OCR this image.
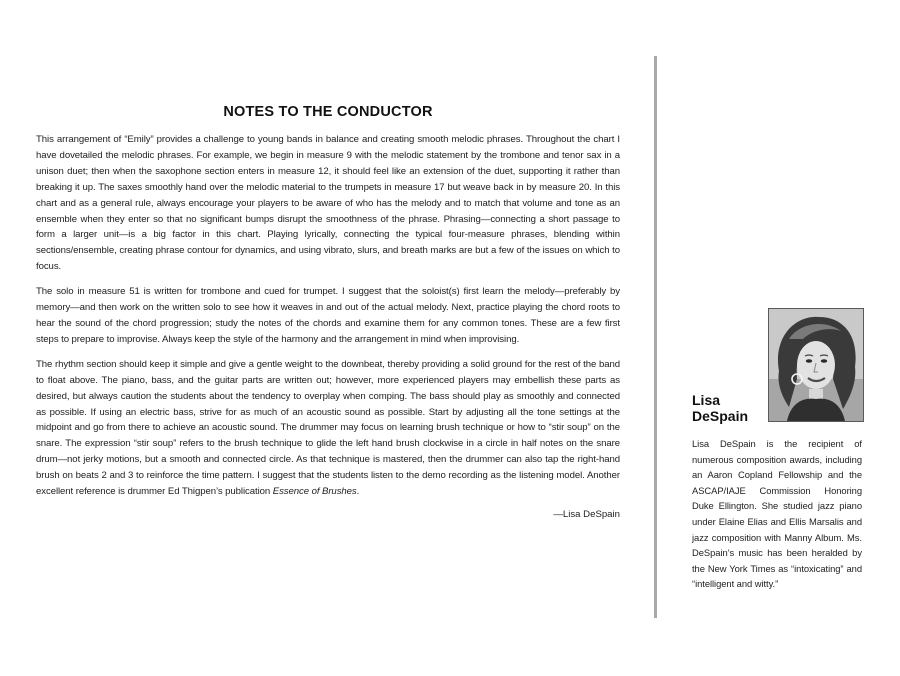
NOTES TO THE CONDUCTOR

This arrangement of “Emily” provides a challenge to young bands in balance and creating smooth melodic phrases. Throughout the chart I have dovetailed the melodic phrases. For example, we begin in measure 9 with the melodic statement by the trombone and tenor sax in a unison duet; then when the saxophone section enters in measure 12, it should feel like an extension of the duet, supporting it rather than breaking it up. The saxes smoothly hand over the melodic material to the trumpets in measure 17 but weave back in by measure 20. In this chart and as a general rule, always encourage your players to be aware of who has the melody and to match that volume and tone as an ensemble when they enter so that no significant bumps disrupt the smoothness of the phrase. Phrasing—connecting a short passage to form a larger unit—is a big factor in this chart. Playing lyrically, connecting the typical four-measure phrases, blending within sections/ensemble, creating phrase contour for dynamics, and using vibrato, slurs, and breath marks are but a few of the issues on which to focus.

The solo in measure 51 is written for trombone and cued for trumpet. I suggest that the soloist(s) first learn the melody—preferably by memory—and then work on the written solo to see how it weaves in and out of the actual melody. Next, practice playing the chord roots to hear the sound of the chord progression; study the notes of the chords and examine them for any common tones. These are a few first steps to prepare to improvise. Always keep the style of the harmony and the arrangement in mind when improvising.

The rhythm section should keep it simple and give a gentle weight to the downbeat, thereby providing a solid ground for the rest of the band to float above. The piano, bass, and the guitar parts are written out; however, more experienced players may embellish these parts as desired, but always caution the students about the tendency to overplay when comping. The bass should play as smoothly and connected as possible. If using an electric bass, strive for as much of an acoustic sound as possible. Start by adjusting all the tone settings at the midpoint and go from there to achieve an acoustic sound. The drummer may focus on learning brush technique or how to “stir soup” on the snare. The expression “stir soup” refers to the brush technique to glide the left hand brush clockwise in a circle in half notes on the snare drum—not jerky motions, but a smooth and connected circle. As that technique is mastered, then the drummer can also tap the right-hand brush on beats 2 and 3 to reinforce the time pattern. I suggest that the students listen to the demo recording as the listening model. Another excellent reference is drummer Ed Thigpen’s publication Essence of Brushes.

—Lisa DeSpain
Lisa
DeSpain
Lisa DeSpain is the recipient of numerous composition awards, including an Aaron Copland Fellowship and the ASCAP/IAJE Commission Honoring Duke Ellington. She studied jazz piano under Elaine Elias and Ellis Marsalis and jazz composition with Manny Album. Ms. DeSpain’s music has been heralded by the New York Times as “intoxicating” and “intelligent and witty.”
